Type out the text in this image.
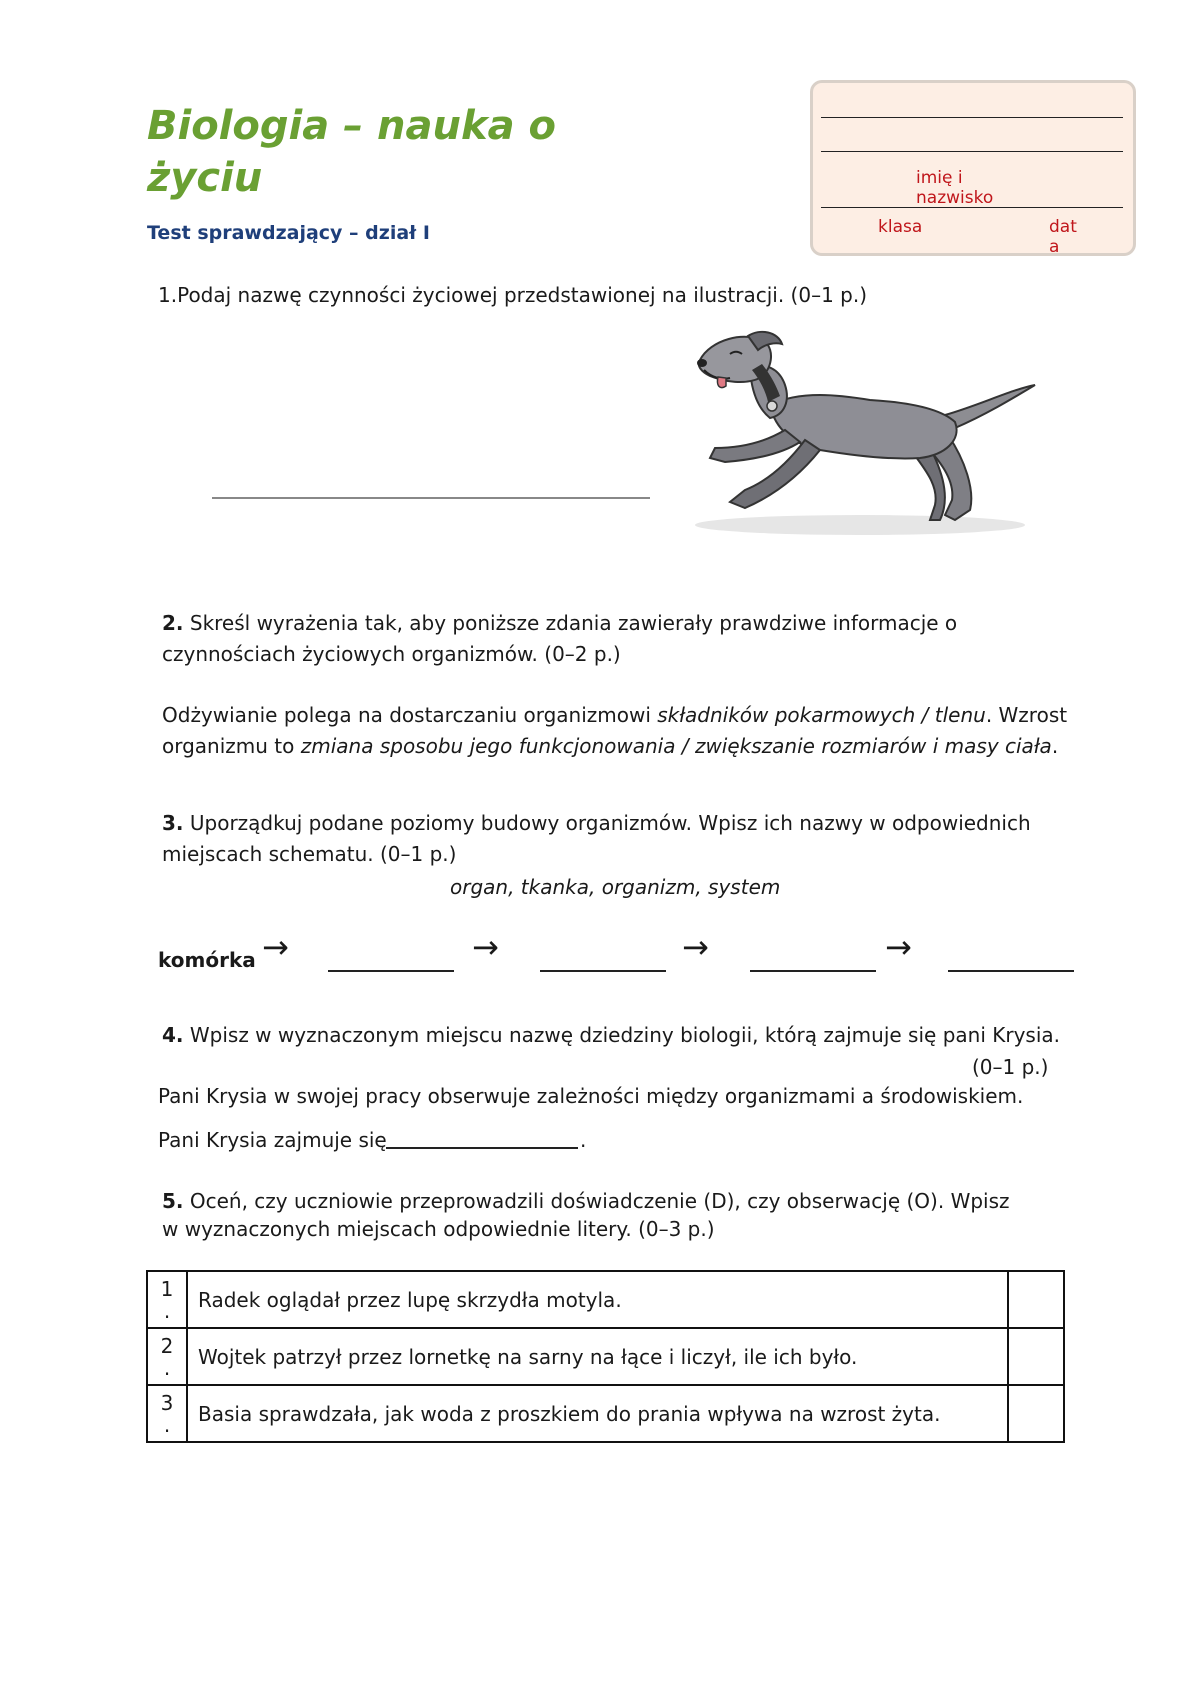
Biologia – nauka o życiu
Test sprawdzający – dział I
imię i nazwisko
klasa	data
1.Podaj nazwę czynności życiowej przedstawionej na ilustracji. (0–1 p.)
2. Skreśl wyrażenia tak, aby poniższe zdania zawierały prawdziwe informacje o czynnościach życiowych organizmów. (0–2 p.)
Odżywianie polega na dostarczaniu organizmowi składników pokarmowych / tlenu. Wzrost organizmu to zmiana sposobu jego funkcjonowania / zwiększanie rozmiarów i masy ciała.
3. Uporządkuj podane poziomy budowy organizmów. Wpisz ich nazwy w odpowiednich miejscach schematu. (0–1 p.)
organ, tkanka, organizm, system
komórka →	→	→	→
4. Wpisz w wyznaczonym miejscu nazwę dziedziny biologii, którą zajmuje się pani Krysia.
(0–1 p.)
Pani Krysia w swojej pracy obserwuje zależności między organizmami a środowiskiem.
Pani Krysia zajmuje się	.
5. Oceń, czy uczniowie przeprowadzili doświadczenie (D), czy obserwację (O). Wpisz
w wyznaczonych miejscach odpowiednie litery. (0–3 p.)
1
.	Radek oglądał przez lupę skrzydła motyla.	
2
.	Wojtek patrzył przez lornetkę na sarny na łące i liczył, ile ich było.	
3
.	Basia sprawdzała, jak woda z proszkiem do prania wpływa na wzrost żyta.	
